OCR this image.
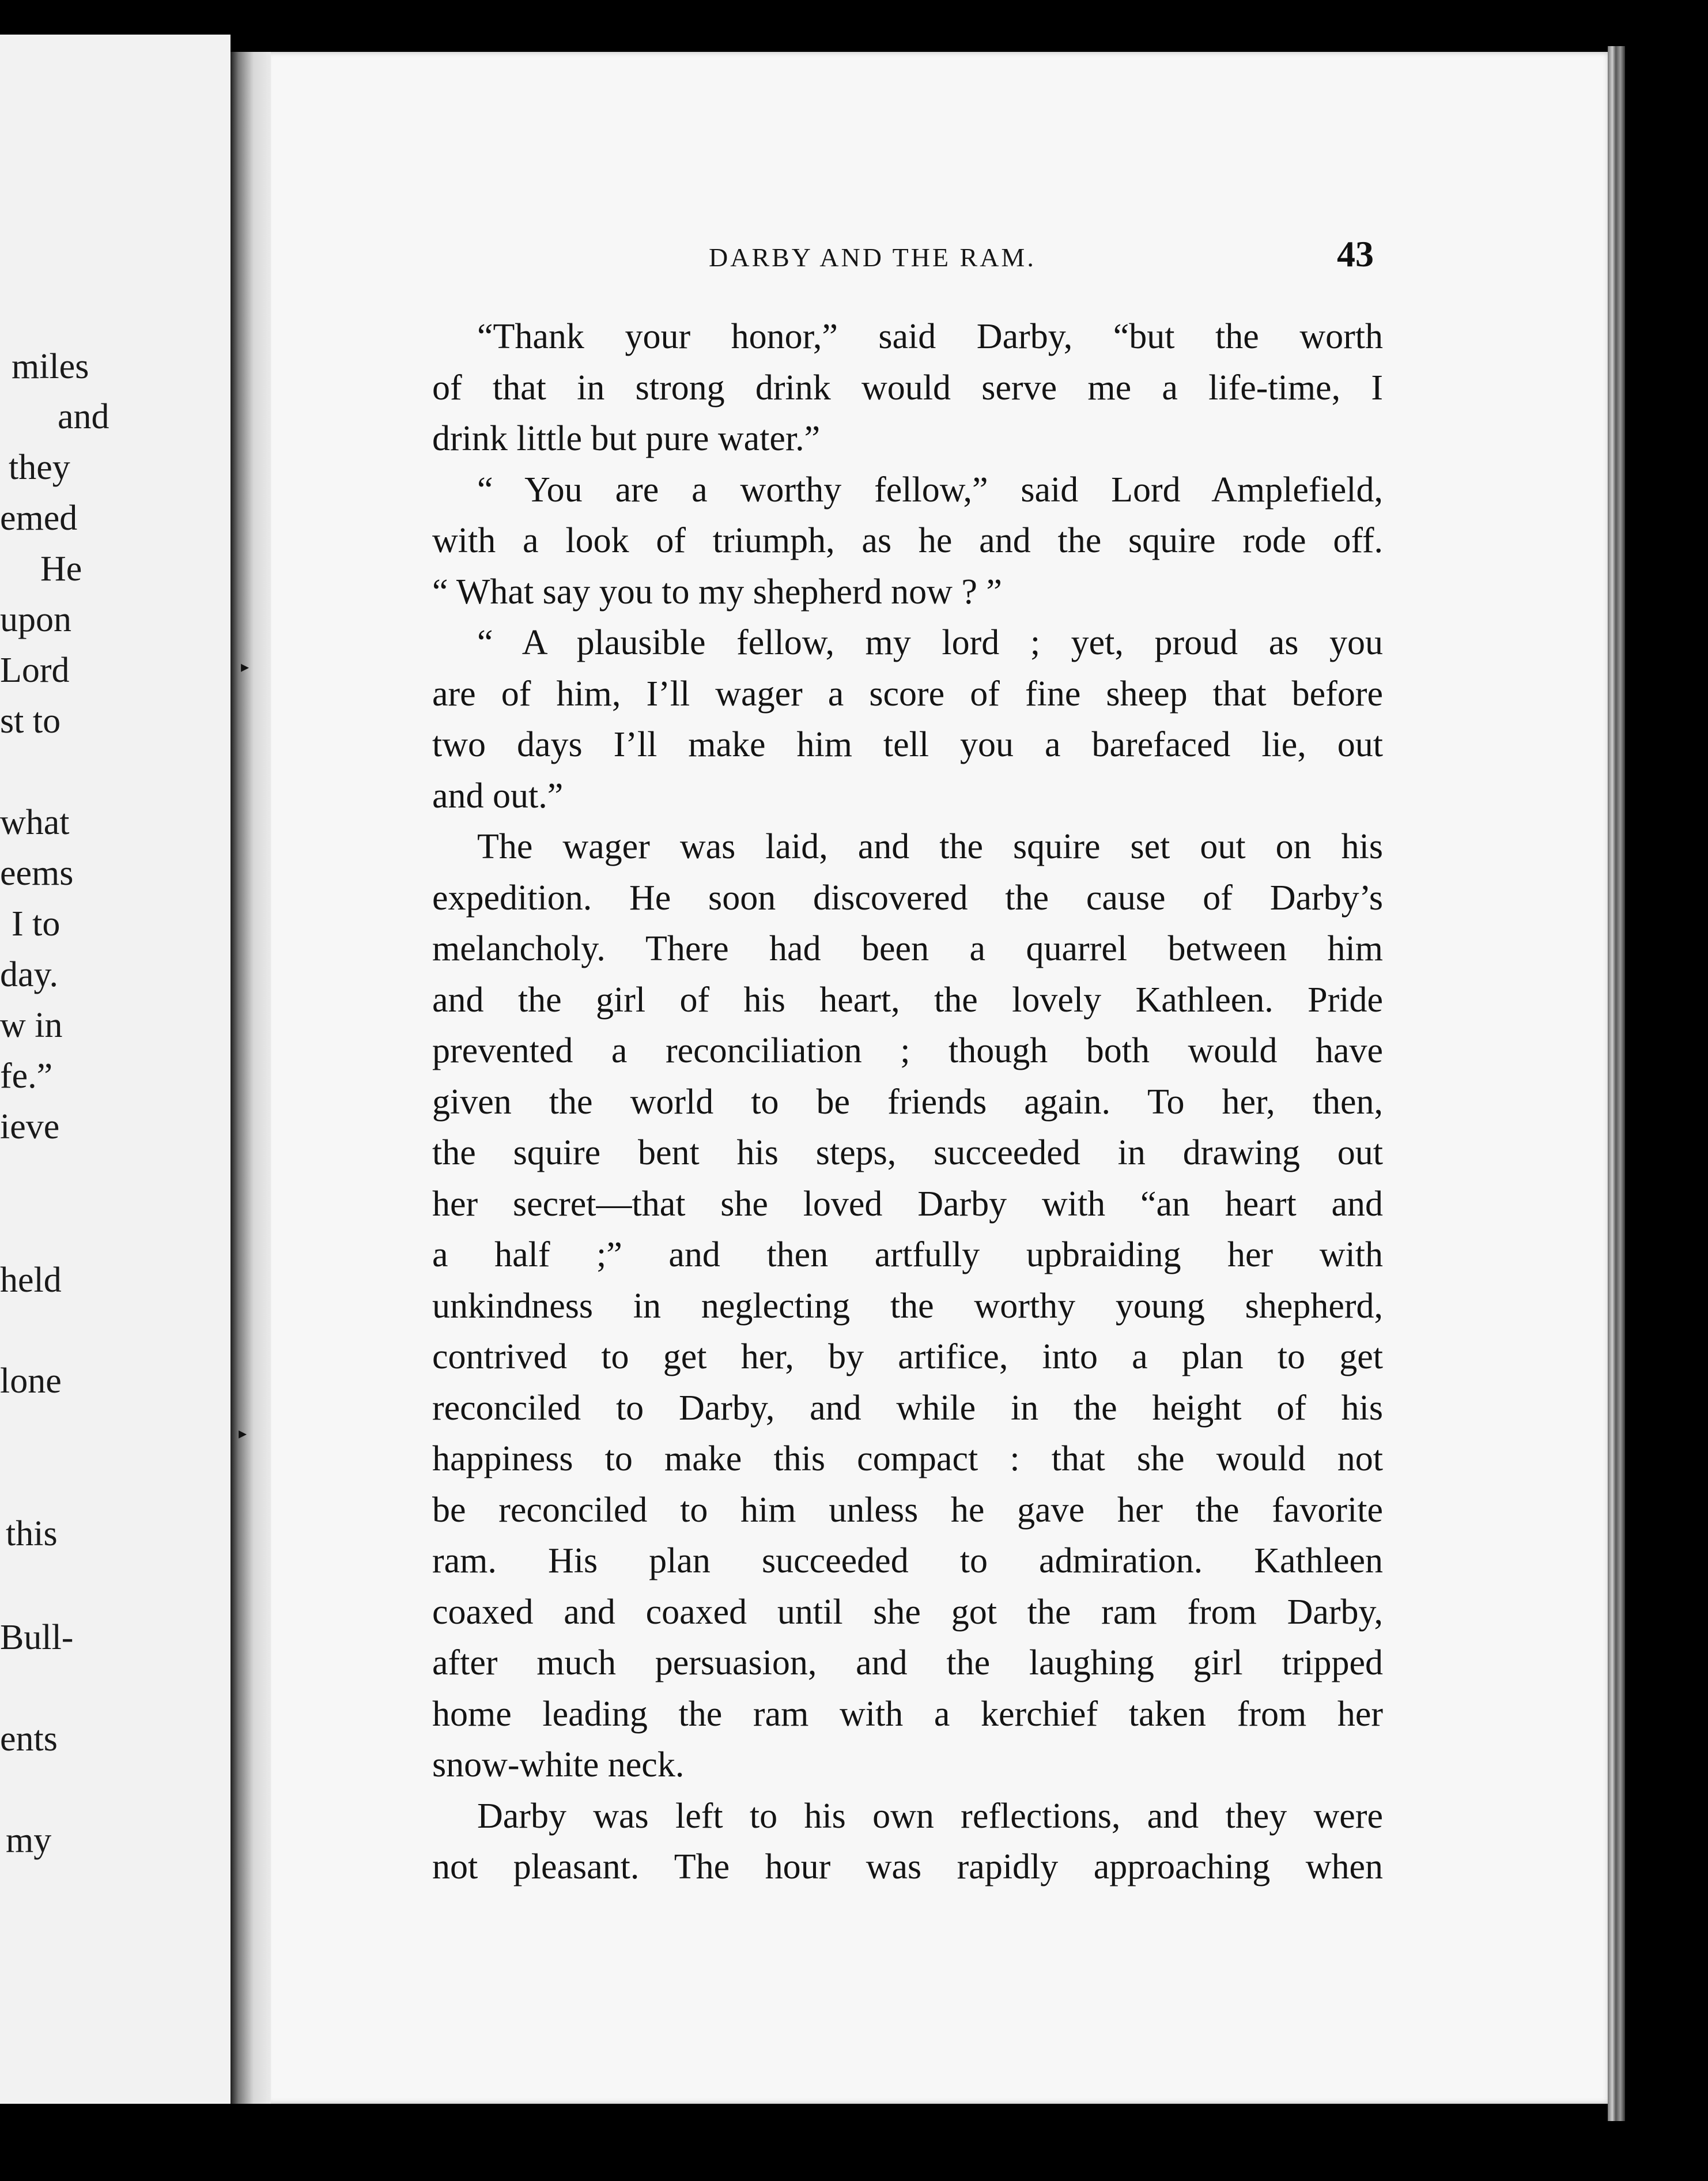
miles
and
they
emed
He
upon
Lord
st to
what
eems
I to
day.
w in
fe.”
ieve
held
lone
this
Bull-
ents
my
▸
▸
DARBY AND THE RAM.	43
“Thank your honor,” said Darby, “but the worth
of that in strong drink would serve me a life-time, I
drink little but pure water.”
“ You are a worthy fellow,” said Lord Amplefield,
with a look of triumph, as he and the squire rode off.
“ What say you to my shepherd now ? ”
“ A plausible fellow, my lord ; yet, proud as you
are of him, I’ll wager a score of fine sheep that before
two days I’ll make him tell you a barefaced lie, out
and out.”
The wager was laid, and the squire set out on his
expedition. He soon discovered the cause of Darby’s
melancholy. There had been a quarrel between him
and the girl of his heart, the lovely Kathleen. Pride
prevented a reconciliation ; though both would have
given the world to be friends again. To her, then,
the squire bent his steps, succeeded in drawing out
her secret—that she loved Darby with “an heart and
a half ;” and then artfully upbraiding her with
unkindness in neglecting the worthy young shepherd,
contrived to get her, by artifice, into a plan to get
reconciled to Darby, and while in the height of his
happiness to make this compact : that she would not
be reconciled to him unless he gave her the favorite
ram. His plan succeeded to admiration. Kathleen
coaxed and coaxed until she got the ram from Darby,
after much persuasion, and the laughing girl tripped
home leading the ram with a kerchief taken from her
snow-white neck.
Darby was left to his own reflections, and they were
not pleasant. The hour was rapidly approaching when
